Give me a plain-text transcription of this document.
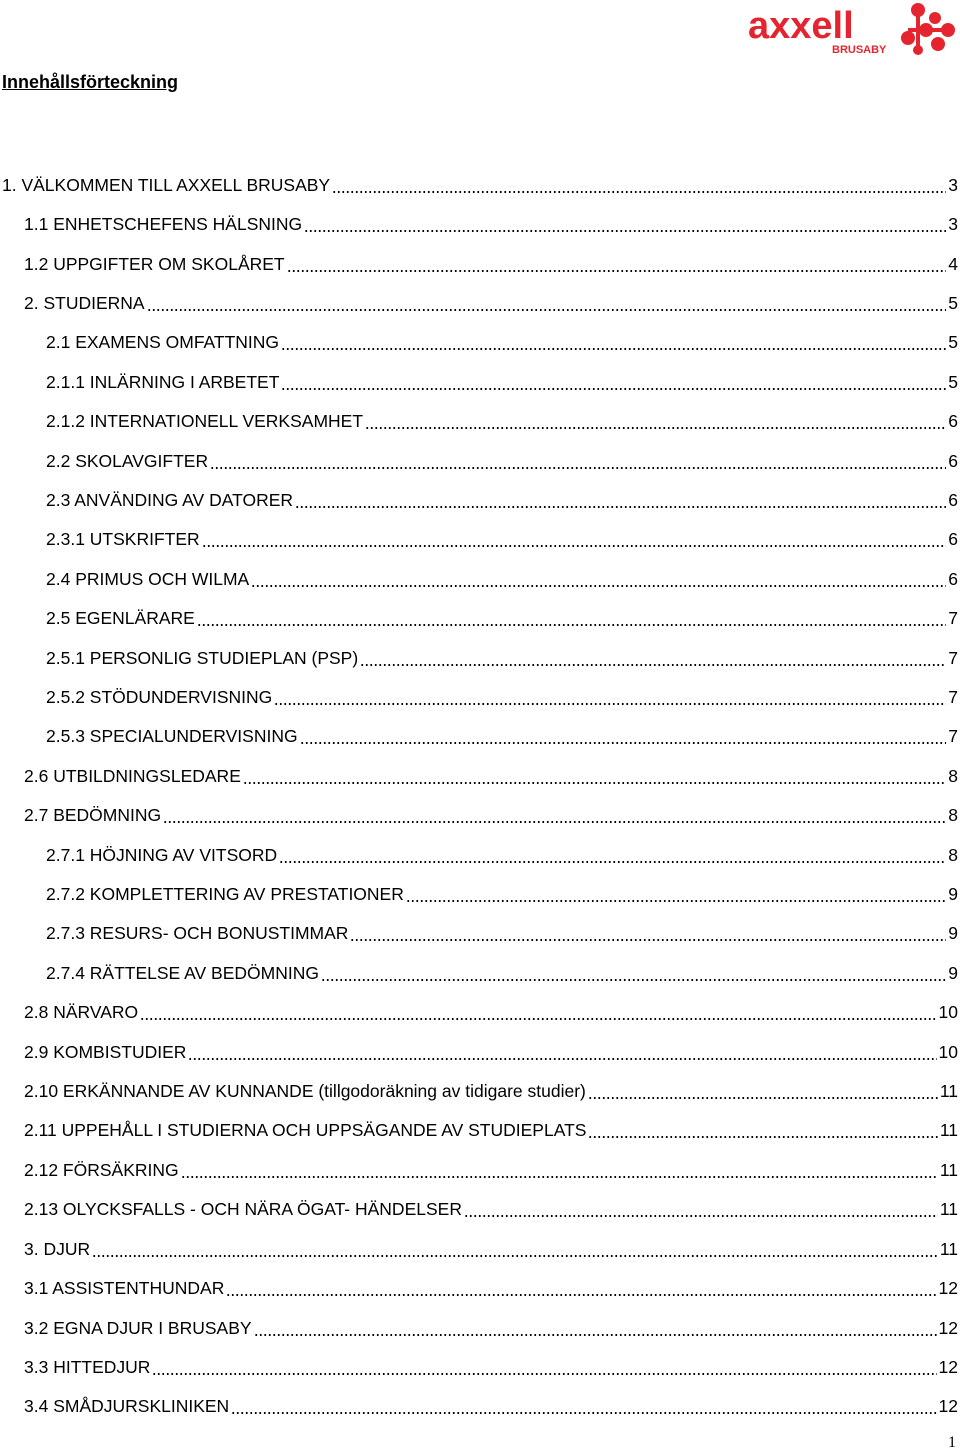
axxell
BRUSABY
Innehållsförteckning
1. VÄLKOMMEN TILL AXXELL BRUSABY	3
1.1 ENHETSCHEFENS HÄLSNING	3
1.2 UPPGIFTER OM SKOLÅRET	4
2. STUDIERNA	5
2.1 EXAMENS OMFATTNING	5
2.1.1 INLÄRNING I ARBETET	5
2.1.2 INTERNATIONELL VERKSAMHET	6
2.2 SKOLAVGIFTER	6
2.3 ANVÄNDING AV DATORER	6
2.3.1 UTSKRIFTER	6
2.4 PRIMUS OCH WILMA	6
2.5 EGENLÄRARE	7
2.5.1 PERSONLIG STUDIEPLAN (PSP)	7
2.5.2 STÖDUNDERVISNING	7
2.5.3 SPECIALUNDERVISNING	7
2.6 UTBILDNINGSLEDARE	8
2.7 BEDÖMNING	8
2.7.1 HÖJNING AV VITSORD	8
2.7.2 KOMPLETTERING AV PRESTATIONER	9
2.7.3 RESURS- OCH BONUSTIMMAR	9
2.7.4 RÄTTELSE AV BEDÖMNING	9
2.8 NÄRVARO	10
2.9 KOMBISTUDIER	10
2.10 ERKÄNNANDE AV KUNNANDE (tillgodoräkning av tidigare studier)	11
2.11 UPPEHÅLL I STUDIERNA OCH UPPSÄGANDE AV STUDIEPLATS	11
2.12 FÖRSÄKRING	11
2.13 OLYCKSFALLS - OCH NÄRA ÖGAT- HÄNDELSER	11
3. DJUR	11
3.1 ASSISTENTHUNDAR	12
3.2 EGNA DJUR I BRUSABY	12
3.3 HITTEDJUR	12
3.4 SMÅDJURSKLINIKEN	12
1
